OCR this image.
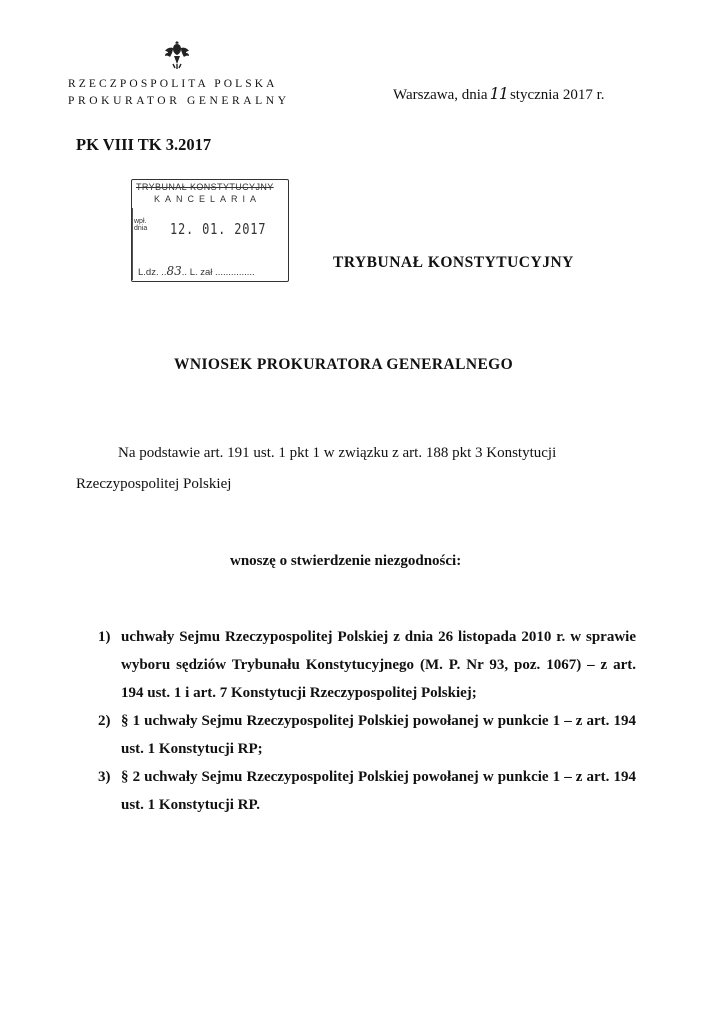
RZECZPOSPOLITA POLSKA
PROKURATOR GENERALNY	Warszawa, dnia 11 stycznia 2017 r.
PK VIII TK 3.2017
TRYBUNAŁ KONSTYTUCYJNY
KANCELARIA
wpł.
dnia 12. 01. 2017
L.dz. ..83.. L. zał ...............
TRYBUNAŁ KONSTYTUCYJNY
WNIOSEK PROKURATORA GENERALNEGO
Na podstawie art. 191 ust. 1 pkt 1 w związku z art. 188 pkt 3 Konstytucji Rzeczypospolitej Polskiej
wnoszę o stwierdzenie niezgodności:
1) uchwały Sejmu Rzeczypospolitej Polskiej z dnia 26 listopada 2010 r. w sprawie wyboru sędziów Trybunału Konstytucyjnego (M. P. Nr 93, poz. 1067) – z art. 194 ust. 1 i art. 7 Konstytucji Rzeczypospolitej Polskiej;
2) § 1 uchwały Sejmu Rzeczypospolitej Polskiej powołanej w punkcie 1 – z art. 194 ust. 1 Konstytucji RP;
3) § 2 uchwały Sejmu Rzeczypospolitej Polskiej powołanej w punkcie 1 – z art. 194 ust. 1 Konstytucji RP.
